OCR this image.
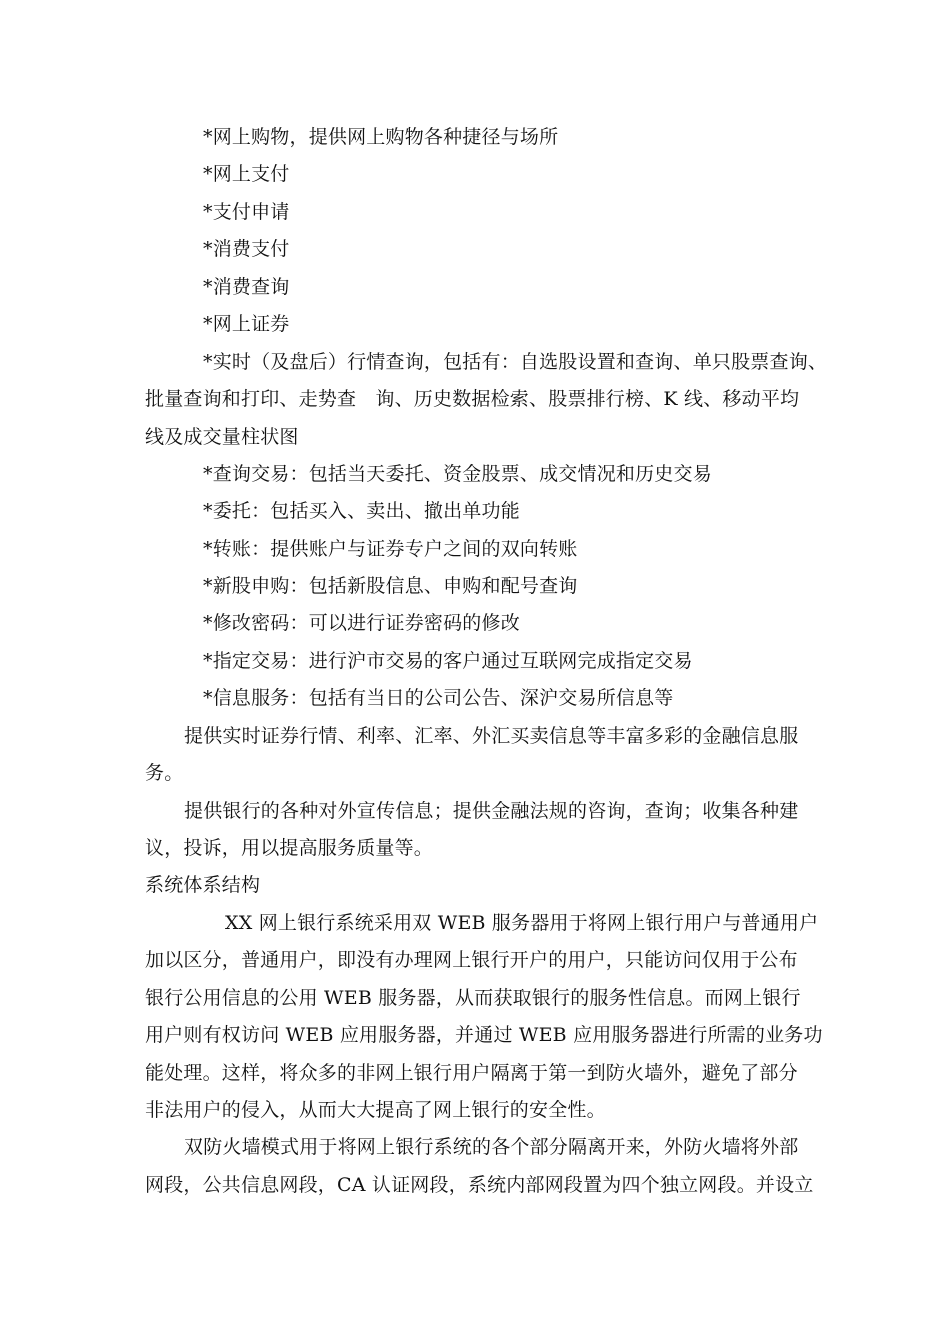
*网上购物，提供网上购物各种捷径与场所
*网上支付
*支付申请
*消费支付
*消费查询
*网上证券
*实时（及盘后）行情查询，包括有：自选股设置和查询、单只股票查询、
批量查询和打印、走势查　询、历史数据检索、股票排行榜、K 线、移动平均
线及成交量柱状图
*查询交易：包括当天委托、资金股票、成交情况和历史交易
*委托：包括买入、卖出、撤出单功能
*转账：提供账户与证券专户之间的双向转账
*新股申购：包括新股信息、申购和配号查询
*修改密码：可以进行证券密码的修改
*指定交易：进行沪市交易的客户通过互联网完成指定交易
*信息服务：包括有当日的公司公告、深沪交易所信息等
提供实时证券行情、利率、汇率、外汇买卖信息等丰富多彩的金融信息服
务。
提供银行的各种对外宣传信息；提供金融法规的咨询，查询；收集各种建
议，投诉，用以提高服务质量等。
系统体系结构
XX 网上银行系统采用双 WEB 服务器用于将网上银行用户与普通用户
加以区分，普通用户，即没有办理网上银行开户的用户，只能访问仅用于公布
银行公用信息的公用 WEB 服务器，从而获取银行的服务性信息。而网上银行
用户则有权访问 WEB 应用服务器，并通过 WEB 应用服务器进行所需的业务功
能处理。这样，将众多的非网上银行用户隔离于第一到防火墙外，避免了部分
非法用户的侵入，从而大大提高了网上银行的安全性。
双防火墙模式用于将网上银行系统的各个部分隔离开来，外防火墙将外部
网段，公共信息网段，CA 认证网段，系统内部网段置为四个独立网段。并设立
